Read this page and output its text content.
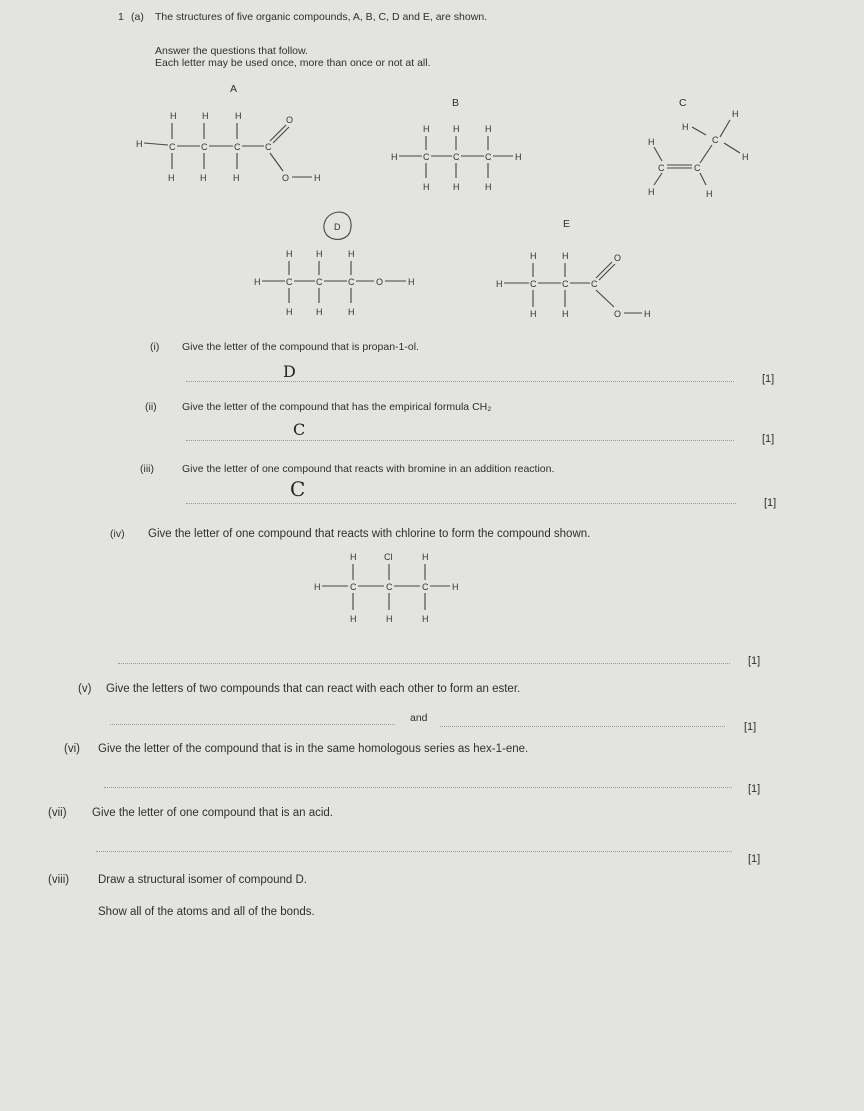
1 (a) The structures of five organic compounds, A, B, C, D and E, are shown.
Answer the questions that follow.
Each letter may be used once, more than once or not at all.
A
H	H	H
H	C	C	C	C
H	H	H
O
O	H
B
H	H	H
H	C	C	C	H
H	H	H
C
H
H
C
H
H
C	C
H	H
D
H	H	H
H	C	C	C O	H
H	H	H
E
H	H
H	C	C	C
H	H
O
O	H
(i) Give the letter of the compound that is propan-1-ol.
D	[1]
(ii) Give the letter of the compound that has the empirical formula CH₂
C	[1]
(iii)	Give the letter of one compound that reacts with bromine in an addition reaction.
C
[1]
(iv) Give the letter of one compound that reacts with chlorine to form the compound shown.
H	Cl	H
H	C	C	C	H
H	H	H
[1]
(v) Give the letters of two compounds that can react with each other to form an ester.
and
[1]
(vi) Give the letter of the compound that is in the same homologous series as hex-1-ene.
[1]
(vii) Give the letter of one compound that is an acid.
[1]
(viii)	Draw a structural isomer of compound D.
Show all of the atoms and all of the bonds.
